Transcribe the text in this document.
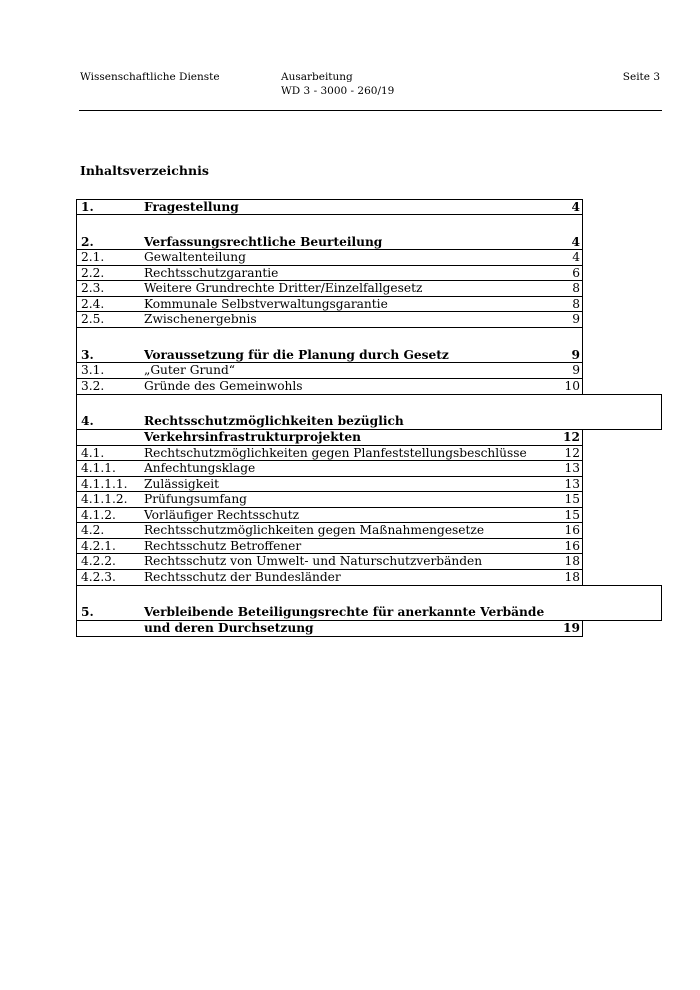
Wissenschaftliche Dienste	Ausarbeitung
WD 3 - 3000 - 260/19
Seite 3
Inhaltsverzeichnis
1.	Fragestellung	4
2.	Verfassungsrechtliche Beurteilung	4
2.1.	Gewaltenteilung	4
2.2.	Rechtsschutzgarantie	6
2.3.	Weitere Grundrechte Dritter/Einzelfallgesetz	8
2.4.	Kommunale Selbstverwaltungsgarantie	8
2.5.	Zwischenergebnis	9
3.	Voraussetzung für die Planung durch Gesetz	9
3.1.	„Guter Grund“	9
3.2.	Gründe des Gemeinwohls	10
4.	Rechtsschutzmöglichkeiten bezüglich
Verkehrsinfrastrukturprojekten	12
4.1.	Rechtschutzmöglichkeiten gegen Planfeststellungsbeschlüsse	12
4.1.1. Anfechtungsklage	13
4.1.1.1. Zulässigkeit	13
4.1.1.2. Prüfungsumfang	15
4.1.2. Vorläufiger Rechtsschutz	15
4.2.	Rechtsschutzmöglichkeiten gegen Maßnahmengesetze	16
4.2.1. Rechtsschutz Betroffener	16
4.2.2. Rechtsschutz von Umwelt- und Naturschutzverbänden	18
4.2.3. Rechtsschutz der Bundesländer	18
5.	Verbleibende Beteiligungsrechte für anerkannte Verbände
und deren Durchsetzung	19
